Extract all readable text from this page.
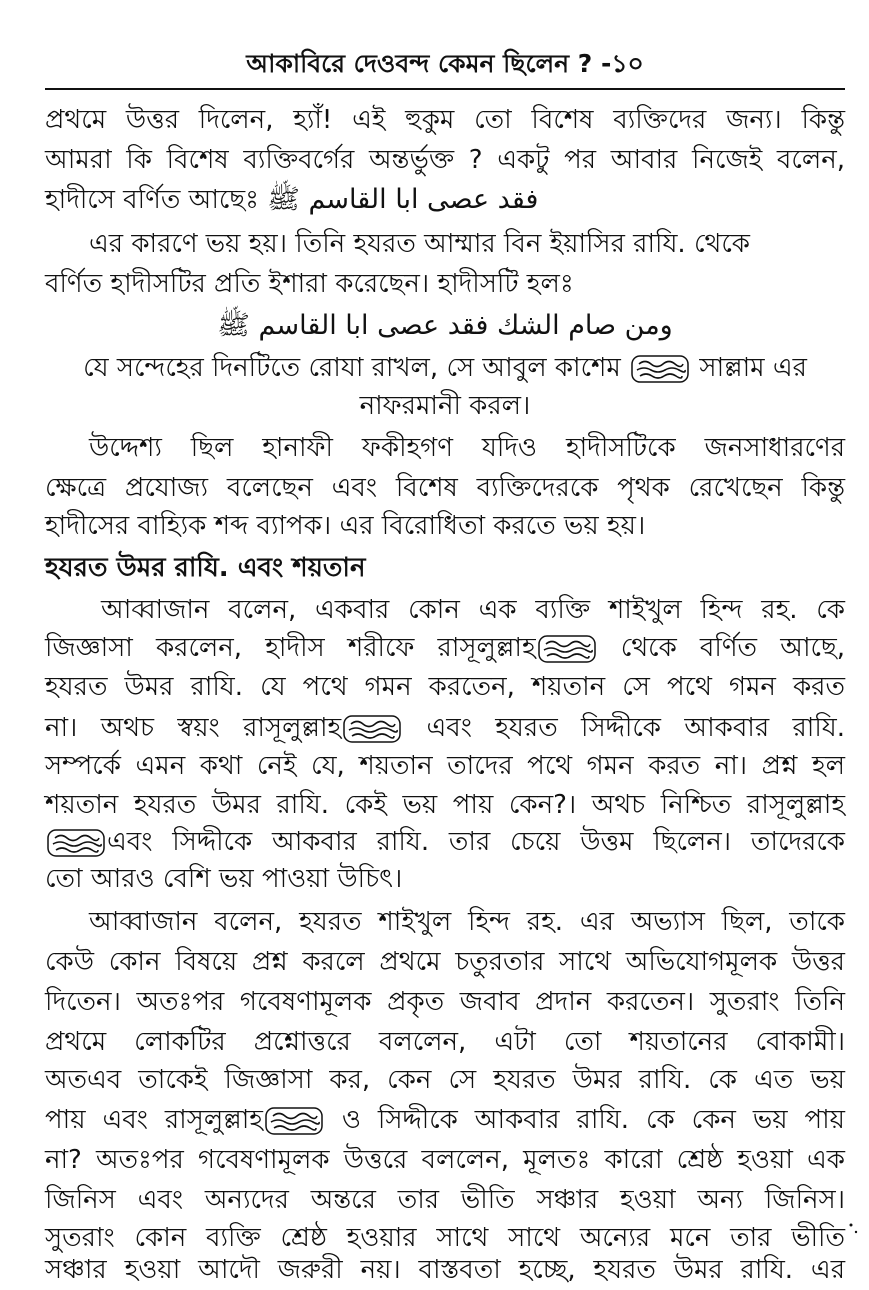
আকাবিরে দেওবন্দ কেমন ছিলেন ? -১০
প্রথমে উত্তর দিলেন, হ্যাঁ! এই হুকুম তো বিশেষ ব্যক্তিদের জন্য। কিন্তু
আমরা কি বিশেষ ব্যক্তিবর্গের অন্তর্ভুক্ত ? একটু পর আবার নিজেই বলেন,
হাদীসে বর্ণিত আছেঃ فقد عصى ابا القاسم ﷺ
এর কারণে ভয় হয়। তিনি হযরত আম্মার বিন ইয়াসির রাযি. থেকে
বর্ণিত হাদীসটির প্রতি ইশারা করেছেন। হাদীসটি হলঃ
ومن صام الشك فقد عصى ابا القاسم ﷺ
যে সন্দেহের দিনটিতে রোযা রাখল, সে আবুল কাশেম	সাল্লাম এর
নাফরমানী করল।
উদ্দেশ্য ছিল হানাফী ফকীহগণ যদিও হাদীসটিকে জনসাধারণের
ক্ষেত্রে প্রযোজ্য বলেছেন এবং বিশেষ ব্যক্তিদেরকে পৃথক রেখেছেন কিন্তু
হাদীসের বাহ্যিক শব্দ ব্যাপক। এর বিরোধিতা করতে ভয় হয়।
হযরত উমর রাযি. এবং শয়তান
আব্বাজান বলেন, একবার কোন এক ব্যক্তি শাইখুল হিন্দ রহ. কে
জিজ্ঞাসা করলেন, হাদীস শরীফে রাসূলুল্লাহ	থেকে বর্ণিত আছে,
হযরত উমর রাযি. যে পথে গমন করতেন, শয়তান সে পথে গমন করত
না। অথচ স্বয়ং রাসূলুল্লাহ	এবং হযরত সিদ্দীকে আকবার রাযি.
সম্পর্কে এমন কথা নেই যে, শয়তান তাদের পথে গমন করত না। প্রশ্ন হল
শয়তান হযরত উমর রাযি. কেই ভয় পায় কেন?। অথচ নিশ্চিত রাসূলুল্লাহ
এবং সিদ্দীকে আকবার রাযি. তার চেয়ে উত্তম ছিলেন। তাদেরকে
তো আরও বেশি ভয় পাওয়া উচিৎ।
আব্বাজান বলেন, হযরত শাইখুল হিন্দ রহ. এর অভ্যাস ছিল, তাকে
কেউ কোন বিষয়ে প্রশ্ন করলে প্রথমে চতুরতার সাথে অভিযোগমূলক উত্তর
দিতেন। অতঃপর গবেষণামূলক প্রকৃত জবাব প্রদান করতেন। সুতরাং তিনি
প্রথমে লোকটির প্রশ্নোত্তরে বললেন, এটা তো শয়তানের বোকামী।
অতএব তাকেই জিজ্ঞাসা কর, কেন সে হযরত উমর রাযি. কে এত ভয়
পায় এবং রাসূলুল্লাহ	ও সিদ্দীকে আকবার রাযি. কে কেন ভয় পায়
না? অতঃপর গবেষণামূলক উত্তরে বললেন, মূলতঃ কারো শ্রেষ্ঠ হওয়া এক
জিনিস এবং অন্যদের অন্তরে তার ভীতি সঞ্চার হওয়া অন্য জিনিস।
সুতরাং কোন ব্যক্তি শ্রেষ্ঠ হওয়ার সাথে সাথে অন্যের মনে তার ভীতি
সঞ্চার হওয়া আদৌ জরুরী নয়। বাস্তবতা হচ্ছে, হযরত উমর রাযি. এর
